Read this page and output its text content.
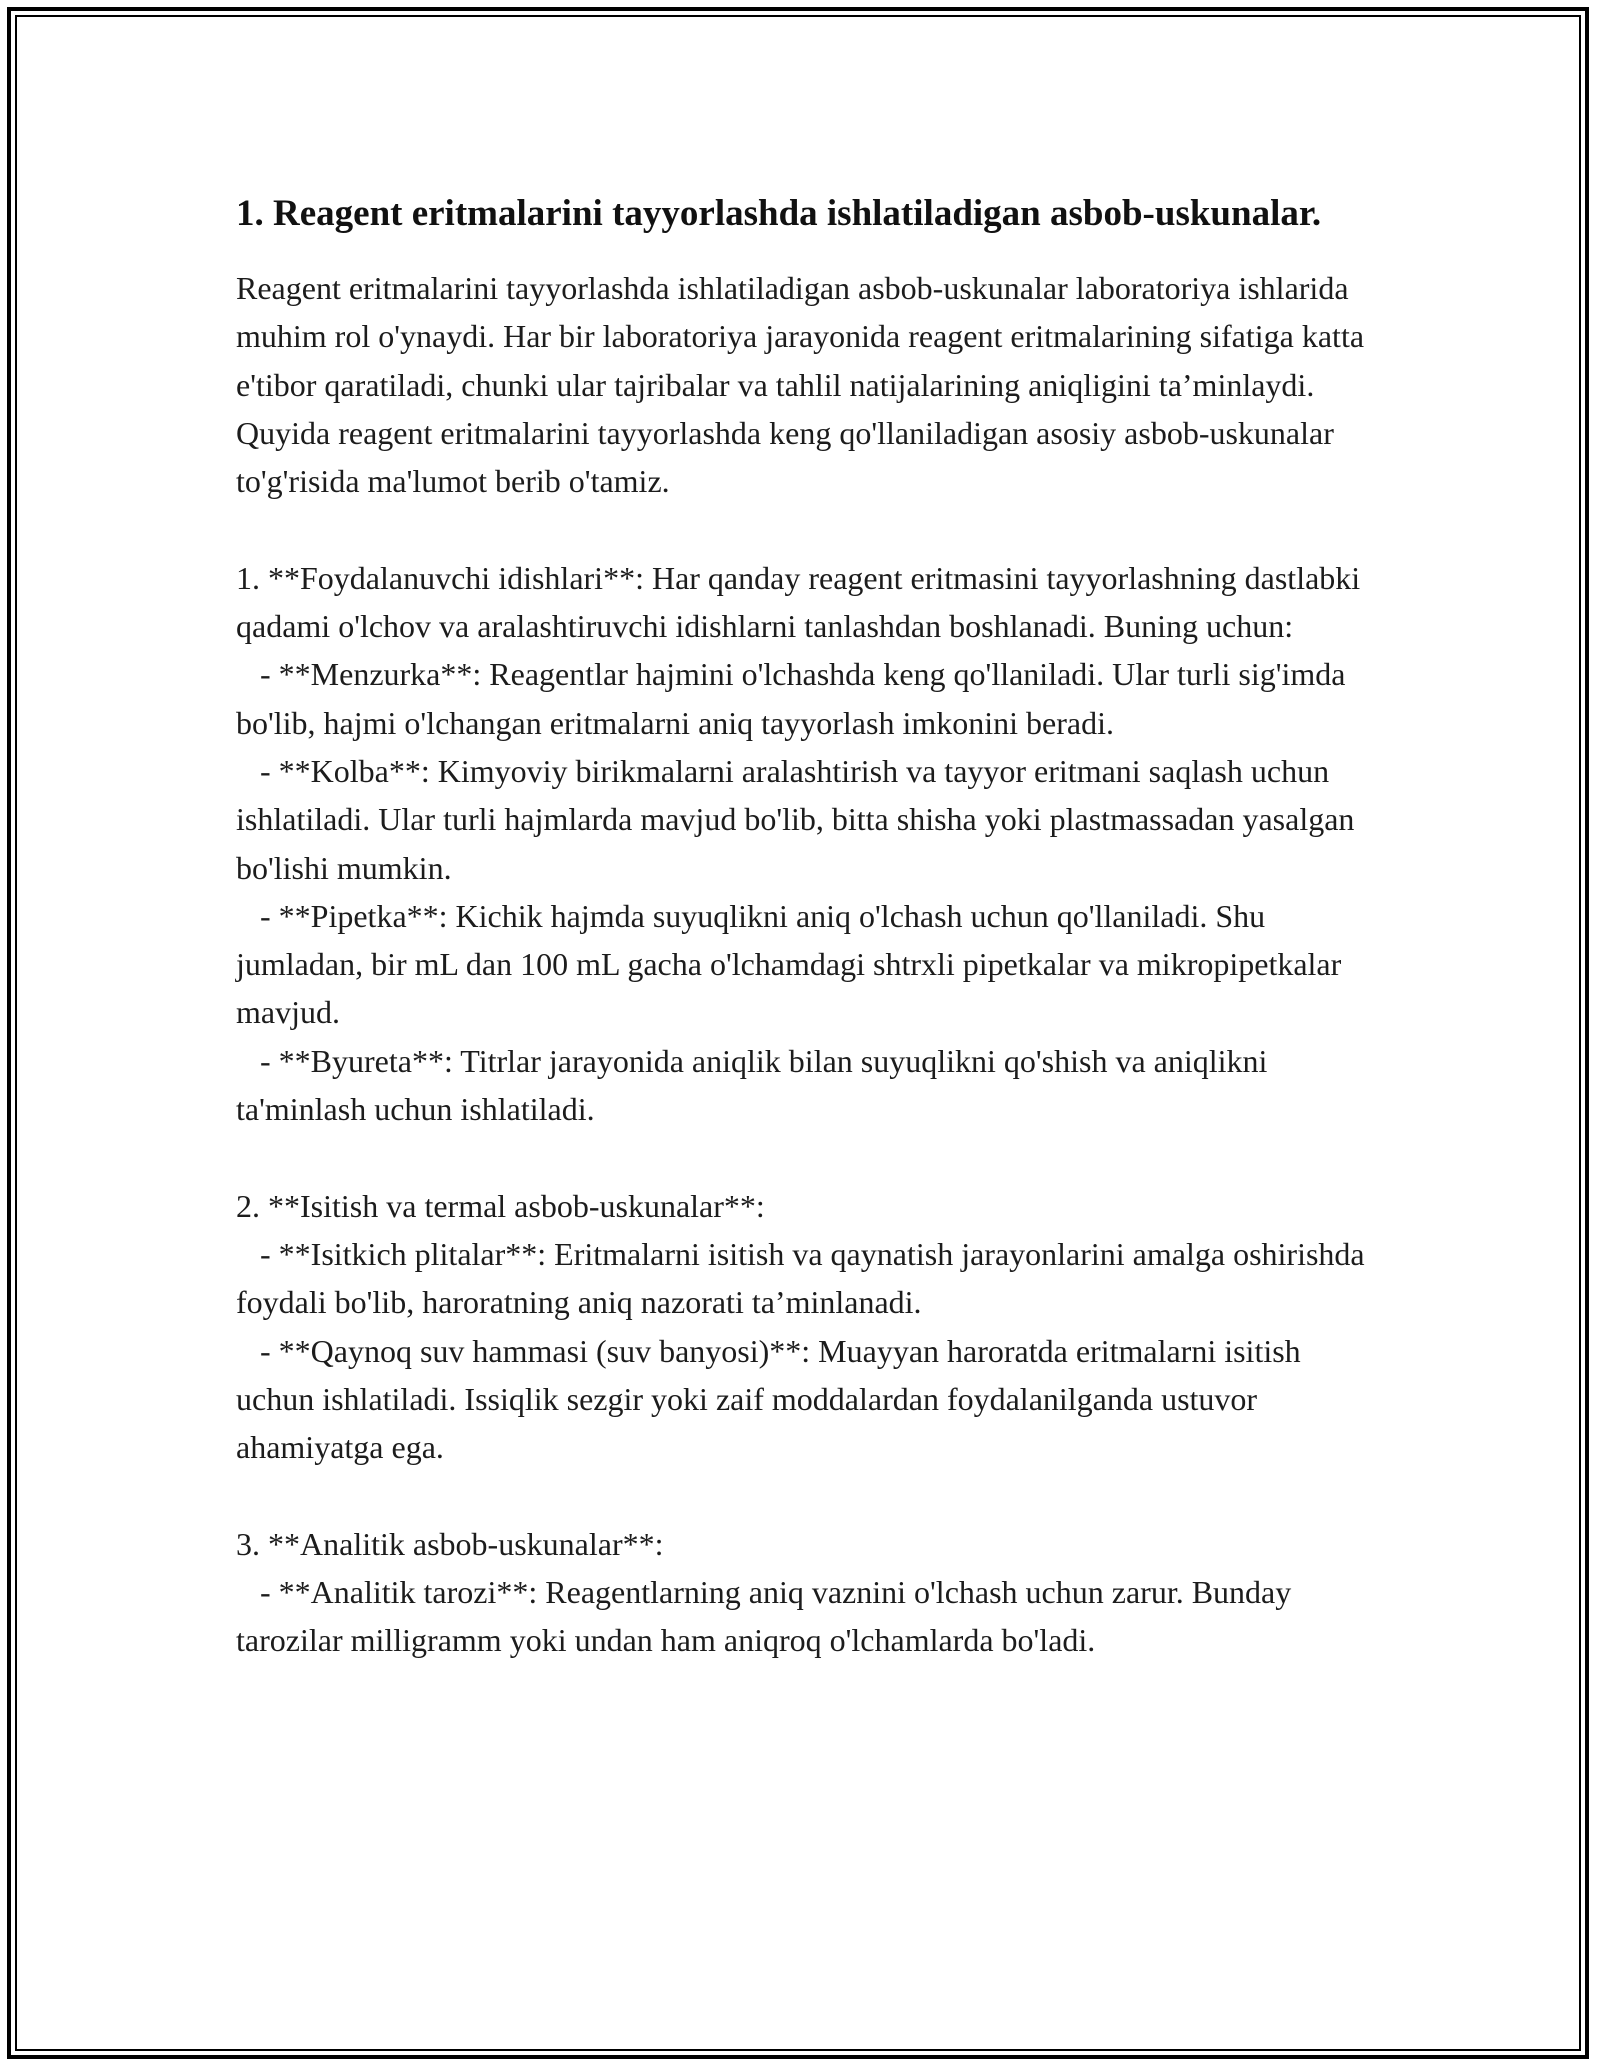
1. Reagent eritmalarini tayyorlashda ishlatiladigan asbob-uskunalar.

Reagent eritmalarini tayyorlashda ishlatiladigan asbob-uskunalar laboratoriya ishlarida muhim rol o'ynaydi. Har bir laboratoriya jarayonida reagent eritmalarining sifatiga katta e'tibor qaratiladi, chunki ular tajribalar va tahlil natijalarining aniqligini ta’minlaydi. Quyida reagent eritmalarini tayyorlashda keng qo'llaniladigan asosiy asbob-uskunalar to'g'risida ma'lumot berib o'tamiz.

1. **Foydalanuvchi idishlari**: Har qanday reagent eritmasini tayyorlashning dastlabki qadami o'lchov va aralashtiruvchi idishlarni tanlashdan boshlanadi. Buning uchun:
- **Menzurka**: Reagentlar hajmini o'lchashda keng qo'llaniladi. Ular turli sig'imda bo'lib, hajmi o'lchangan eritmalarni aniq tayyorlash imkonini beradi.
- **Kolba**: Kimyoviy birikmalarni aralashtirish va tayyor eritmani saqlash uchun ishlatiladi. Ular turli hajmlarda mavjud bo'lib, bitta shisha yoki plastmassadan yasalgan bo'lishi mumkin.
- **Pipetka**: Kichik hajmda suyuqlikni aniq o'lchash uchun qo'llaniladi. Shu jumladan, bir mL dan 100 mL gacha o'lchamdagi shtrxli pipetkalar va mikropipetkalar mavjud.
- **Byureta**: Titrlar jarayonida aniqlik bilan suyuqlikni qo'shish va aniqlikni ta'minlash uchun ishlatiladi.

2. **Isitish va termal asbob-uskunalar**:
- **Isitkich plitalar**: Eritmalarni isitish va qaynatish jarayonlarini amalga oshirishda foydali bo'lib, haroratning aniq nazorati ta’minlanadi.
- **Qaynoq suv hammasi (suv banyosi)**: Muayyan haroratda eritmalarni isitish uchun ishlatiladi. Issiqlik sezgir yoki zaif moddalardan foydalanilganda ustuvor ahamiyatga ega.

3. **Analitik asbob-uskunalar**:
- **Analitik tarozi**: Reagentlarning aniq vaznini o'lchash uchun zarur. Bunday tarozilar milligramm yoki undan ham aniqroq o'lchamlarda bo'ladi.
